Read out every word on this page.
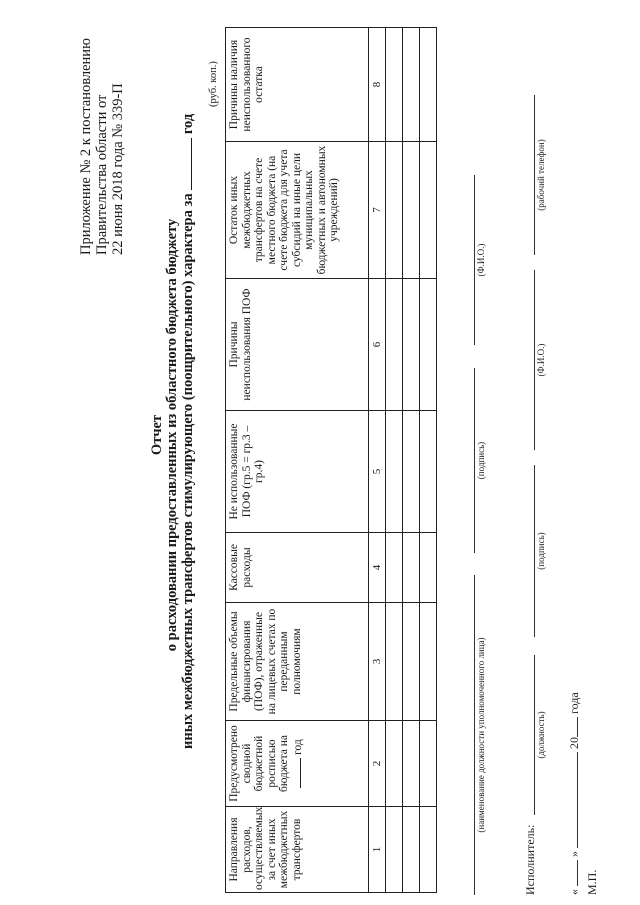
Приложение № 2 к постановлению Правительства области от 22 июня 2018 года № 339-П
Отчет о расходовании предоставленных из областного бюджета бюджету иных межбюджетных трансфертов стимулирующего (поощрительного) характера за  год
(руб. коп.)
Направления расходов, осуществляемых за счет иных межбюджетных трансфертов	Предусмотрено сводной бюджетной росписью бюджета на год	Предельные объемы финансирования (ПОФ), отраженные на лицевых счетах по переданным полномочиям	Кассовые расходы	Не использованные ПОФ (гр.5 = гр.3 – гр.4)	Причины неиспользования ПОФ	Остаток иных межбюджетных трансфертов на счете местного бюджета (на счете бюджета для учета субсидий на иные цели муниципальных бюджетных и автономных учреждений)	Причины наличия неиспользованного остатка
1	2	3	4	5	6	7	8

(наименование должности уполномоченного лица)
(подпись)
(Ф.И.О.)
Исполнитель:
(должность)
(подпись)
(Ф.И.О.)
(рабочий телефон)
«  »  20 года
М.П.
